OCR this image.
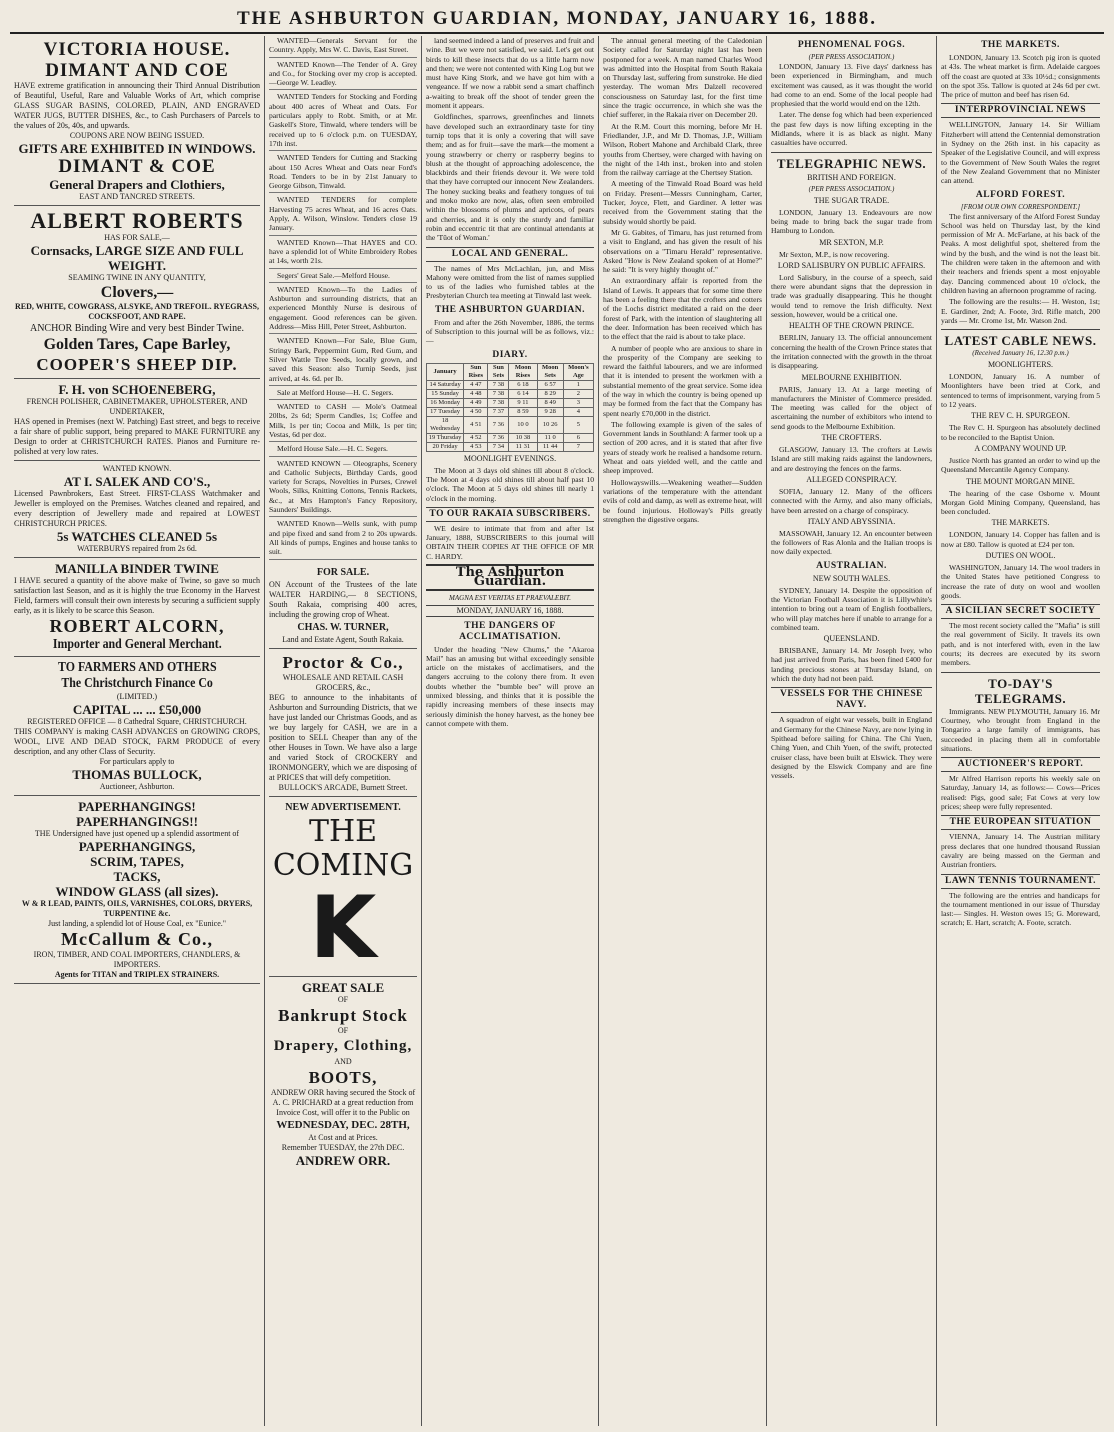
THE ASHBURTON GUARDIAN, MONDAY, JANUARY 16, 1888.
VICTORIA HOUSE.
DIMANT AND COE
HAVE extreme gratification in announcing their Third Annual Distribution of Beautiful, Useful, Rare and Valuable Works of Art, which comprise GLASS SUGAR BASINS, COLORED, PLAIN, AND ENGRAVED WATER JUGS, BUTTER DISHES, &c., to Cash Purchasers of Parcels to the values of 20s, 40s, and upwards.
COUPONS ARE NOW BEING ISSUED.
GIFTS ARE EXHIBITED IN WINDOWS.
DIMANT & COE
General Drapers and Clothiers,
EAST AND TANCRED STREETS.
ALBERT ROBERTS
HAS FOR SALE,—
Cornsacks, LARGE SIZE AND FULL WEIGHT.
SEAMING TWINE IN ANY QUANTITY,
Clovers,—
RED, WHITE, COWGRASS, ALSYKE, AND TREFOIL. RYEGRASS, COCKSFOOT, AND RAPE.
ANCHOR Binding Wire and very best Binder Twine.
Golden Tares, Cape Barley,
COOPER'S SHEEP DIP.
F. H. von SCHOENEBERG,
FRENCH POLISHER, CABINETMAKER, UPHOLSTERER, AND UNDERTAKER,
HAS opened in Premises (next W. Patching) East street, and begs to receive a fair share of public support, being prepared to MAKE FURNITURE any Design to order at CHRISTCHURCH RATES. Pianos and Furniture re-polished at very low rates.
WANTED KNOWN.
AT I. SALEK AND CO'S.,
Licensed Pawnbrokers, East Street. FIRST-CLASS Watchmaker and Jeweller is employed on the Premises. Watches cleaned and repaired, and every description of Jewellery made and repaired at LOWEST CHRISTCHURCH PRICES.
5s WATCHES CLEANED 5s
WATERBURYS repaired from 2s 6d.
MANILLA BINDER TWINE
I HAVE secured a quantity of the above make of Twine, so gave so much satisfaction last Season, and as it is highly the true Economy in the Harvest Field, farmers will consult their own interests by securing a sufficient supply early, as it is likely to be scarce this Season.
ROBERT ALCORN,
Importer and General Merchant.
TO FARMERS AND OTHERS The Christchurch Finance Co
(LIMITED.)
CAPITAL ... ... £50,000
REGISTERED OFFICE — 8 Cathedral Square, CHRISTCHURCH.
THIS COMPANY is making CASH ADVANCES on GROWING CROPS, WOOL, LIVE AND DEAD STOCK, FARM PRODUCE of every description, and any other Class of Security.
For particulars apply to
THOMAS BULLOCK,
Auctioneer, Ashburton.
PAPERHANGINGS!
PAPERHANGINGS!!
THE Undersigned have just opened up a splendid assortment of
PAPERHANGINGS,
SCRIM, TAPES,
TACKS,
WINDOW GLASS (all sizes).
W & R LEAD, PAINTS, OILS, VARNISHES, COLORS, DRYERS, TURPENTINE &c.
Just landing, a splendid lot of House Coal, ex "Eunice."
McCallum & Co.,
IRON, TIMBER, AND COAL IMPORTERS, CHANDLERS, & IMPORTERS.
Agents for TITAN and TRIPLEX STRAINERS.

WANTED—Generals Servant for the Country. Apply, Mrs W. C. Davis, East Street.

WANTED Known—The Tender of A. Grey and Co., for Stocking over my crop is accepted.—George W. Leadley.

WANTED Tenders for Stocking and Fording about 400 acres of Wheat and Oats. For particulars apply to Robt. Smith, or at Mr. Gaskell's Store, Tinwald, where tenders will be received up to 6 o'clock p.m. on TUESDAY, 17th inst.

WANTED Tenders for Cutting and Stacking about 150 Acres Wheat and Oats near Ford's Road. Tenders to be in by 21st January to George Gibson, Tinwald.

WANTED TENDERS for complete Harvesting 75 acres Wheat, and 16 acres Oats. Apply, A. Wilson, Winslow. Tenders close 19 January.

WANTED Known—That HAYES and CO. have a splendid lot of White Embroidery Robes at 14s, worth 21s.

Segers' Great Sale.—Melford House.

WANTED Known—To the Ladies of Ashburton and surrounding districts, that an experienced Monthly Nurse is desirous of engagement. Good references can be given. Address—Miss Hill, Peter Street, Ashburton.

WANTED Known—For Sale, Blue Gum, Stringy Bark, Peppermint Gum, Red Gum, and Silver Wattle Tree Seeds, locally grown, and saved this Season: also Turnip Seeds, just arrived, at 4s. 6d. per lb.

Sale at Melford House—H. C. Segers.

WANTED to CASH — Mole's Oatmeal 20lbs, 2s 6d; Sperm Candles, 1s; Coffee and Milk, 1s per tin; Cocoa and Milk, 1s per tin; Vestas, 6d per doz.

Melford House Sale.—H. C. Segers.

WANTED KNOWN — Oleographs, Scenery and Catholic Subjects, Birthday Cards, good variety for Scraps, Novelties in Purses, Crewel Wools, Silks, Knitting Cottons, Tennis Rackets, &c., at Mrs Hampton's Fancy Repository, Saunders' Buildings.

WANTED Known—Wells sunk, with pump and pipe fixed and sand from 2 to 20s upwards. All kinds of pumps, Engines and house tanks to suit.

FOR SALE.
ON Account of the Trustees of the late WALTER HARDING,— 8 SECTIONS, South Rakaia, comprising 400 acres, including the growing crop of Wheat.
CHAS. W. TURNER,
Land and Estate Agent, South Rakaia.
Proctor & Co.,
WHOLESALE AND RETAIL CASH GROCERS, &c.,
BEG to announce to the inhabitants of Ashburton and Surrounding Districts, that we have just landed our Christmas Goods, and as we buy largely for CASH, we are in a position to SELL Cheaper than any of the other Houses in Town. We have also a large and varied Stock of CROCKERY and IRONMONGERY, which we are disposing of at PRICES that will defy competition.
BULLOCK'S ARCADE, Burnett Street.
NEW ADVERTISEMENT.
THE
COMING
K
GREAT SALE
OF
Bankrupt Stock
OF
Drapery, Clothing,
AND
BOOTS,
ANDREW ORR having secured the Stock of A. C. PRICHARD at a great reduction from Invoice Cost, will offer it to the Public on
WEDNESDAY, DEC. 28TH,
At Cost and at Prices.
Remember TUESDAY, the 27th DEC.
ANDREW ORR.

land seemed indeed a land of preserves and fruit and wine. But we were not satisfied, we said. Let's get out birds to kill these insects that do us a little harm now and then; we were not contented with King Log but we must have King Stork, and we have got him with a vengeance. If we now a rabbit send a smart chaffinch a-waiting to break off the shoot of tender green the moment it appears.

Goldfinches, sparrows, greenfinches and linnets have developed such an extraordinary taste for tiny turnip tops that it is only a covering that will save them; and as for fruit—save the mark—the moment a young strawberry or cherry or raspberry begins to blush at the thought of approaching adolescence, the blackbirds and their friends devour it. We were told that they have corrupted our innocent New Zealanders. The honey sucking beaks and feathery tongues of tui and moko moko are now, alas, often seen embroiled within the blossoms of plums and apricots, of pears and cherries, and it is only the sturdy and familiar robin and eccentric tit that are continual attendants at the 'Tūot of Woman.'

LOCAL AND GENERAL.

The names of Mrs McLachlan, jun, and Miss Mahony were omitted from the list of names supplied to us of the ladies who furnished tables at the Presbyterian Church tea meeting at Tinwald last week.

THE ASHBURTON GUARDIAN.

From and after the 26th November, 1886, the terms of Subscription to this journal will be as follows, viz.:—

DIARY.
January	Sun Rises	Sun Sets	Moon Rises	Moon Sets	Moon's Age
14 Saturday	4 47	7 38	6 18	6 57	1
15 Sunday	4 48	7 38	6 14	8 29	2
16 Monday	4 49	7 38	9 11	8 49	3
17 Tuesday	4 50	7 37	8 59	9 28	4
18 Wednesday	4 51	7 36	10 0	10 26	5
19 Thursday	4 52	7 36	10 38	11 0	6
20 Friday	4 53	7 34	11 31	11 44	7
MOONLIGHT EVENINGS.

The Moon at 3 days old shines till about 8 o'clock. The Moon at 4 days old shines till about half past 10 o'clock. The Moon at 5 days old shines till nearly 1 o'clock in the morning.

TO OUR RAKAIA SUBSCRIBERS.

WE desire to intimate that from and after 1st January, 1888, SUBSCRIBERS to this journal will OBTAIN THEIR COPIES AT THE OFFICE OF MR C. HARDY.

The Ashburton Guardian.
MAGNA EST VERITAS ET PRAEVALEBIT.
MONDAY, JANUARY 16, 1888.
THE DANGERS OF ACCLIMATISATION.

Under the heading "New Chums," the "Akaroa Mail" has an amusing but withal exceedingly sensible article on the mistakes of acclimatisers, and the dangers accruing to the colony there from. It even doubts whether the "bumble bee" will prove an unmixed blessing, and thinks that it is possible the rapidly increasing members of these insects may seriously diminish the honey harvest, as the honey bee cannot compete with them.

The annual general meeting of the Caledonian Society called for Saturday night last has been postponed for a week. A man named Charles Wood was admitted into the Hospital from South Rakaia on Thursday last, suffering from sunstroke. He died yesterday. The woman Mrs Dalzell recovered consciousness on Saturday last, for the first time since the tragic occurrence, in which she was the chief sufferer, in the Rakaia river on December 20.

At the R.M. Court this morning, before Mr H. Friedlander, J.P., and Mr D. Thomas, J.P., William Wilson, Robert Mahone and Archibald Clark, three youths from Chertsey, were charged with having on the night of the 14th inst., broken into and stolen from the railway carriage at the Chertsey Station.

A meeting of the Tinwald Road Board was held on Friday. Present—Messrs Cunningham, Carter, Tucker, Joyce, Flett, and Gardiner. A letter was received from the Government stating that the subsidy would shortly be paid.

Mr G. Gabites, of Timaru, has just returned from a visit to England, and has given the result of his observations on a "Timaru Herald" representative. Asked "How is New Zealand spoken of at Home?" he said: "It is very highly thought of."

An extraordinary affair is reported from the Island of Lewis. It appears that for some time there has been a feeling there that the crofters and cotters of the Lochs district meditated a raid on the deer forest of Park, with the intention of slaughtering all the deer. Information has been received which has to the effect that the raid is about to take place.

A number of people who are anxious to share in the prosperity of the Company are seeking to reward the faithful labourers, and we are informed that it is intended to present the workmen with a substantial memento of the great service. Some idea of the way in which the country is being opened up may be formed from the fact that the Company has spent nearly £70,000 in the district.

The following example is given of the sales of Government lands in Southland: A farmer took up a section of 200 acres, and it is stated that after five years of steady work he realised a handsome return. Wheat and oats yielded well, and the cattle and sheep improved.

Hollowayswills.—Weakening weather—Sudden variations of the temperature with the attendant evils of cold and damp, as well as extreme heat, will be found injurious. Holloway's Pills greatly strengthen the digestive organs.

PHENOMENAL FOGS.
(PER PRESS ASSOCIATION.)

LONDON, January 13. Five days' darkness has been experienced in Birmingham, and much excitement was caused, as it was thought the world had come to an end. Some of the local people had prophesied that the world would end on the 12th.

Later. The dense fog which had been experienced the past few days is now lifting excepting in the Midlands, where it is as black as night. Many casualties have occurred.

TELEGRAPHIC NEWS.
BRITISH AND FOREIGN.
(PER PRESS ASSOCIATION.)
THE SUGAR TRADE.

LONDON, January 13. Endeavours are now being made to bring back the sugar trade from Hamburg to London.

MR SEXTON, M.P.

Mr Sexton, M.P., is now recovering.

LORD SALISBURY ON PUBLIC AFFAIRS.

Lord Salisbury, in the course of a speech, said there were abundant signs that the depression in trade was gradually disappearing. This he thought would tend to remove the Irish difficulty. Next session, however, would be a critical one.

HEALTH OF THE CROWN PRINCE.

BERLIN, January 13. The official announcement concerning the health of the Crown Prince states that the irritation connected with the growth in the throat is disappearing.

MELBOURNE EXHIBITION.

PARIS, January 13. At a large meeting of manufacturers the Minister of Commerce presided. The meeting was called for the object of ascertaining the number of exhibitors who intend to send goods to the Melbourne Exhibition.

THE CROFTERS.

GLASGOW, January 13. The crofters at Lewis Island are still making raids against the landowners, and are destroying the fences on the farms.

ALLEGED CONSPIRACY.

SOFIA, January 12. Many of the officers connected with the Army, and also many officials, have been arrested on a charge of conspiracy.

ITALY AND ABYSSINIA.

MASSOWAH, January 12. An encounter between the followers of Ras Alonla and the Italian troops is now daily expected.

AUSTRALIAN.
NEW SOUTH WALES.

SYDNEY, January 14. Despite the opposition of the Victorian Football Association it is Lillywhite's intention to bring out a team of English footballers, who will play matches here if unable to arrange for a combined team.

QUEENSLAND.

BRISBANE, January 14. Mr Joseph Ivey, who had just arrived from Paris, has been fined £400 for landing precious stones at Thursday Island, on which the duty had not been paid.

VESSELS FOR THE CHINESE NAVY.

A squadron of eight war vessels, built in England and Germany for the Chinese Navy, are now lying in Spithead before sailing for China. The Chi Yuen, Ching Yuen, and Chih Yuen, of the swift, protected cruiser class, have been built at Elswick. They were designed by the Elswick Company and are fine vessels.

THE MARKETS.

LONDON, January 13. Scotch pig iron is quoted at 43s. The wheat market is firm. Adelaide cargoes off the coast are quoted at 33s 10½d.; consignments on the spot 35s. Tallow is quoted at 24s 6d per cwt. The price of mutton and beef has risen 6d.

INTERPROVINCIAL NEWS

WELLINGTON, January 14. Sir William Fitzherbert will attend the Centennial demonstration in Sydney on the 26th inst. in his capacity as Speaker of the Legislative Council, and will express to the Government of New South Wales the regret of the New Zealand Government that no Minister can attend.

ALFORD FOREST.
[FROM OUR OWN CORRESPONDENT.]

The first anniversary of the Alford Forest Sunday School was held on Thursday last, by the kind permission of Mr A. McFarlane, at his back of the Peaks. A most delightful spot, sheltered from the wind by the bush, and the wind is not the least bit. The children were taken in the afternoon and with their teachers and friends spent a most enjoyable day. Dancing commenced about 10 o'clock, the children having an afternoon programme of racing.

The following are the results:— H. Weston, 1st; E. Gardiner, 2nd; A. Foote, 3rd. Rifle match, 200 yards — Mr. Crome 1st, Mr. Watson 2nd.

LATEST CABLE NEWS.
(Received January 16, 12.30 p.m.)
MOONLIGHTERS.

LONDON, January 16. A number of Moonlighters have been tried at Cork, and sentenced to terms of imprisonment, varying from 5 to 12 years.

THE REV C. H. SPURGEON.

The Rev C. H. Spurgeon has absolutely declined to be reconciled to the Baptist Union.

A COMPANY WOUND UP.

Justice North has granted an order to wind up the Queensland Mercantile Agency Company.

THE MOUNT MORGAN MINE.

The hearing of the case Osborne v. Mount Morgan Gold Mining Company, Queensland, has been concluded.

THE MARKETS.

LONDON, January 14. Copper has fallen and is now at £80. Tallow is quoted at £24 per ton.

DUTIES ON WOOL.

WASHINGTON, January 14. The wool traders in the United States have petitioned Congress to increase the rate of duty on wool and woollen goods.

A SICILIAN SECRET SOCIETY

The most recent society called the "Mafia" is still the real government of Sicily. It travels its own path, and is not interfered with, even in the law courts; its decrees are executed by its sworn members.

TO-DAY'S TELEGRAMS.

Immigrants. NEW PLYMOUTH, January 16. Mr Courtney, who brought from England in the Tongariro a large family of immigrants, has succeeded in placing them all in comfortable situations.

AUCTIONEER'S REPORT.

Mr Alfred Harrison reports his weekly sale on Saturday, January 14, as follows:— Cows—Prices realised: Pigs, good sale; Fat Cows at very low prices; sheep were fully represented.

THE EUROPEAN SITUATION

VIENNA, January 14. The Austrian military press declares that one hundred thousand Russian cavalry are being massed on the German and Austrian frontiers.

LAWN TENNIS TOURNAMENT.

The following are the entries and handicaps for the tournament mentioned in our issue of Thursday last:— Singles. H. Weston owes 15; G. Moreward, scratch; E. Hart, scratch; A. Foote, scratch.
